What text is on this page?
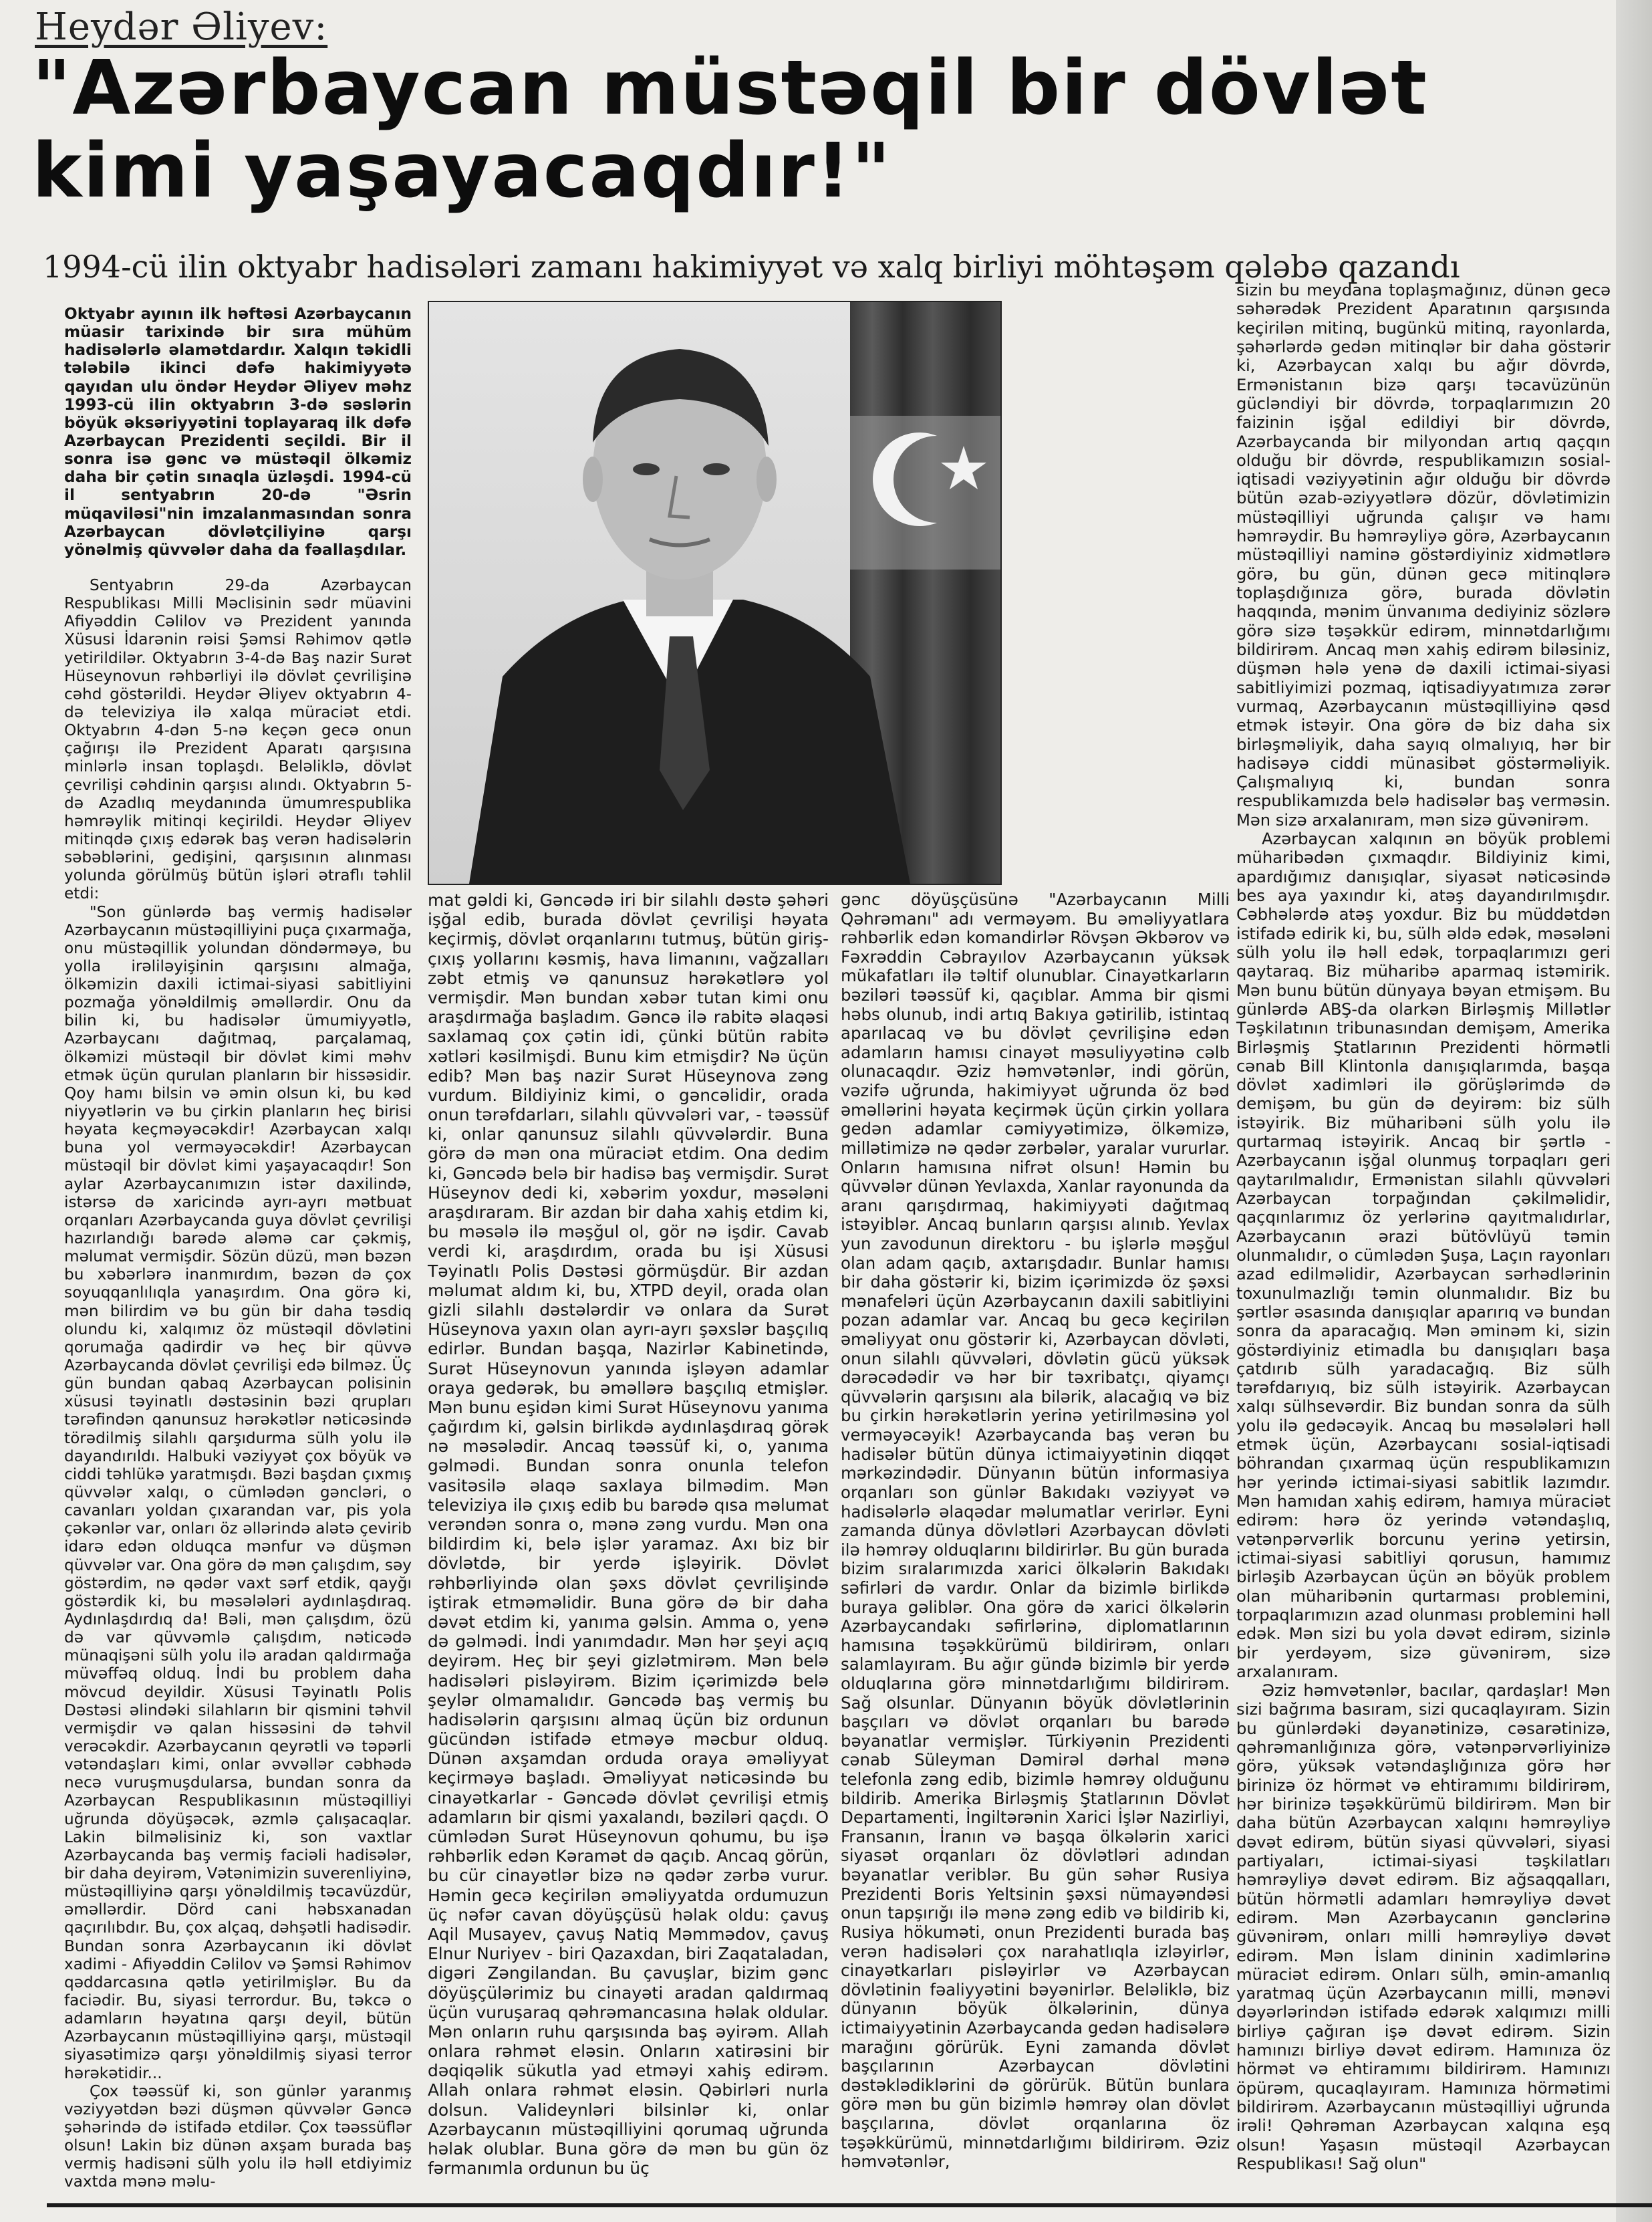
Heydər Əliyev:
"Azərbaycan müstəqil bir dövlət kimi yaşayacaqdır!"
1994-cü ilin oktyabr hadisələri zamanı hakimiyyət və xalq birliyi möhtəşəm qələbə qazandı

Oktyabr ayının ilk həftəsi Azərbaycanın müasir tarixində bir sıra mühüm hadisələrlə əlamətdardır. Xalqın təkidli tələbilə ikinci dəfə hakimiyyətə qayıdan ulu öndər Heydər Əliyev məhz 1993-cü ilin oktyabrın 3-də səslərin böyük əksəriyyətini toplayaraq ilk dəfə Azərbaycan Prezidenti seçildi. Bir il sonra isə gənc və müstəqil ölkəmiz daha bir çətin sınaqla üzləşdi. 1994-cü il sentyabrın 20-də "Əsrin müqaviləsi"nin imzalanmasından sonra Azərbaycan dövlətçiliyinə qarşı yönəlmiş qüvvələr daha da fəallaşdılar.

Sentyabrın 29-da Azərbaycan Respublikası Milli Məclisinin sədr müavini Afiyəddin Cəlilov və Prezident yanında Xüsusi İdarənin rəisi Şəmsi Rəhimov qətlə yetirildilər. Oktyabrın 3-4-də Baş nazir Surət Hüseynovun rəhbərliyi ilə dövlət çevrilişinə cəhd göstərildi. Heydər Əliyev oktyabrın 4-də televiziya ilə xalqa müraciət etdi. Oktyabrın 4-dən 5-nə keçən gecə onun çağırışı ilə Prezident Aparatı qarşısına minlərlə insan toplaşdı. Beləliklə, dövlət çevrilişi cəhdinin qarşısı alındı. Oktyabrın 5-də Azadlıq meydanında ümumrespublika həmrəylik mitinqi keçirildi. Heydər Əliyev mitinqdə çıxış edərək baş verən hadisələrin səbəblərini, gedişini, qarşısının alınması yolunda görülmüş bütün işləri ətraflı təhlil etdi:

"Son günlərdə baş vermiş hadisələr Azərbaycanın müstəqilliyini puça çıxarmağa, onu müstəqillik yolundan döndərməyə, bu yolla irəliləyişinin qarşısını almağa, ölkəmizin daxili ictimai-siyasi sabitliyini pozmağa yönəldilmiş əməllərdir. Onu da bilin ki, bu hadisələr ümumiyyətlə, Azərbaycanı dağıtmaq, parçalamaq, ölkəmizi müstəqil bir dövlət kimi məhv etmək üçün qurulan planların bir hissəsidir. Qoy hamı bilsin və əmin olsun ki, bu kəd niyyətlərin və bu çirkin planların heç birisi həyata keçməyəcəkdir! Azərbaycan xalqı buna yol verməyəcəkdir! Azərbaycan müstəqil bir dövlət kimi yaşayacaqdır! Son aylar Azərbaycanımızın istər daxilində, istərsə də xaricində ayrı-ayrı mətbuat orqanları Azərbaycanda guya dövlət çevrilişi hazırlandığı barədə aləmə car çəkmiş, məlumat vermişdir. Sözün düzü, mən bəzən bu xəbərlərə inanmırdım, bəzən də çox soyuqqanlılıqla yanaşırdım. Ona görə ki, mən bilirdim və bu gün bir daha təsdiq olundu ki, xalqımız öz müstəqil dövlətini qorumağa qadirdir və heç bir qüvvə Azərbaycanda dövlət çevrilişi edə bilməz. Üç gün bundan qabaq Azərbaycan polisinin xüsusi təyinatlı dəstəsinin bəzi qrupları tərəfindən qanunsuz hərəkətlər nəticəsində törədilmiş silahlı qarşıdurma sülh yolu ilə dayandırıldı. Halbuki vəziyyət çox böyük və ciddi təhlükə yaratmışdı. Bəzi başdan çıxmış qüvvələr xalqı, o cümlədən gəncləri, o cavanları yoldan çıxarandan var, pis yola çəkənlər var, onları öz əllərində alətə çevirib idarə edən olduqca mənfur və düşmən qüvvələr var. Ona görə də mən çalışdım, səy göstərdim, nə qədər vaxt sərf etdik, qayğı göstərdik ki, bu məsələləri aydınlaşdıraq. Aydınlaşdırdıq da! Bəli, mən çalışdım, özü də var qüvvəmlə çalışdım, nəticədə münaqişəni sülh yolu ilə aradan qaldırmağa müvəffəq olduq. İndi bu problem daha mövcud deyildir. Xüsusi Təyinatlı Polis Dəstəsi əlindəki silahların bir qismini təhvil vermişdir və qalan hissəsini də təhvil verəcəkdir. Azərbaycanın qeyrətli və təpərli vətəndaşları kimi, onlar əvvəllər cəbhədə necə vuruşmuşdularsa, bundan sonra da Azərbaycan Respublikasının müstəqilliyi uğrunda döyüşəcək, əzmlə çalışacaqlar. Lakin bilməlisiniz ki, son vaxtlar Azərbaycanda baş vermiş faciəli hadisələr, bir daha deyirəm, Vətənimizin suverenliyinə, müstəqilliyinə qarşı yönəldilmiş təcavüzdür, əməllərdir. Dörd cani həbsxanadan qaçırılıbdır. Bu, çox alçaq, dəhşətli hadisədir. Bundan sonra Azərbaycanın iki dövlət xadimi - Afiyəddin Cəlilov və Şəmsi Rəhimov qəddarcasına qətlə yetirilmişlər. Bu da faciədir. Bu, siyasi terrordur. Bu, təkcə o adamların həyatına qarşı deyil, bütün Azərbaycanın müstəqilliyinə qarşı, müstəqil siyasətimizə qarşı yönəldilmiş siyasi terror hərəkətidir...

Çox təəssüf ki, son günlər yaranmış vəziyyətdən bəzi düşmən qüvvələr Gəncə şəhərində də istifadə etdilər. Çox təəssüflər olsun! Lakin biz dünən axşam burada baş vermiş hadisəni sülh yolu ilə həll etdiyimiz vaxtda mənə məlu-

mat gəldi ki, Gəncədə iri bir silahlı dəstə şəhəri işğal edib, burada dövlət çevrilişi həyata keçirmiş, dövlət orqanlarını tutmuş, bütün giriş-çıxış yollarını kəsmiş, hava limanını, vağzalları zəbt etmiş və qanunsuz hərəkətlərə yol vermişdir. Mən bundan xəbər tutan kimi onu araşdırmağa başladım. Gəncə ilə rabitə əlaqəsi saxlamaq çox çətin idi, çünki bütün rabitə xətləri kəsilmişdi. Bunu kim etmişdir? Nə üçün edib? Mən baş nazir Surət Hüseynova zəng vurdum. Bildiyiniz kimi, o gəncəlidir, orada onun tərəfdarları, silahlı qüvvələri var, - təəssüf ki, onlar qanunsuz silahlı qüvvələrdir. Buna görə də mən ona müraciət etdim. Ona dedim ki, Gəncədə belə bir hadisə baş vermişdir. Surət Hüseynov dedi ki, xəbərim yoxdur, məsələni araşdıraram. Bir azdan bir daha xahiş etdim ki, bu məsələ ilə məşğul ol, gör nə işdir. Cavab verdi ki, araşdırdım, orada bu işi Xüsusi Təyinatlı Polis Dəstəsi görmüşdür. Bir azdan məlumat aldım ki, bu, XTPD deyil, orada olan gizli silahlı dəstələrdir və onlara da Surət Hüseynova yaxın olan ayrı-ayrı şəxslər başçılıq edirlər. Bundan başqa, Nazirlər Kabinetində, Surət Hüseynovun yanında işləyən adamlar oraya gedərək, bu əməllərə başçılıq etmişlər. Mən bunu eşidən kimi Surət Hüseynovu yanıma çağırdım ki, gəlsin birlikdə aydınlaşdıraq görək nə məsələdir. Ancaq təəssüf ki, o, yanıma gəlmədi. Bundan sonra onunla telefon vasitəsilə əlaqə saxlaya bilmədim. Mən televiziya ilə çıxış edib bu barədə qısa məlumat verəndən sonra o, mənə zəng vurdu. Mən ona bildirdim ki, belə işlər yaramaz. Axı biz bir dövlətdə, bir yerdə işləyirik. Dövlət rəhbərliyində olan şəxs dövlət çevrilişində iştirak etməməlidir. Buna görə də bir daha dəvət etdim ki, yanıma gəlsin. Amma o, yenə də gəlmədi. İndi yanımdadır. Mən hər şeyi açıq deyirəm. Heç bir şeyi gizlətmirəm. Mən belə hadisələri pisləyirəm. Bizim içərimizdə belə şeylər olmamalıdır. Gəncədə baş vermiş bu hadisələrin qarşısını almaq üçün biz ordunun gücündən istifadə etməyə məcbur olduq. Dünən axşamdan orduda oraya əməliyyat keçirməyə başladı. Əməliyyat nəticəsində bu cinayətkarlar - Gəncədə dövlət çevrilişi etmiş adamların bir qismi yaxalandı, bəziləri qaçdı. O cümlədən Surət Hüseynovun qohumu, bu işə rəhbərlik edən Kəramət də qaçıb. Ancaq görün, bu cür cinayətlər bizə nə qədər zərbə vurur. Həmin gecə keçirilən əməliyyatda ordumuzun üç nəfər cavan döyüşçüsü həlak oldu: çavuş Aqil Musayev, çavuş Natiq Məmmədov, çavuş Elnur Nuriyev - biri Qazaxdan, biri Zaqataladan, digəri Zəngilandan. Bu çavuşlar, bizim gənc döyüşçülərimiz bu cinayəti aradan qaldırmaq üçün vuruşaraq qəhrəmancasına həlak oldular. Mən onların ruhu qarşısında baş əyirəm. Allah onlara rəhmət eləsin. Onların xatirəsini bir dəqiqəlik sükutla yad etməyi xahiş edirəm. Allah onlara rəhmət eləsin. Qəbirləri nurla dolsun. Valideynləri bilsinlər ki, onlar Azərbaycanın müstəqilliyini qorumaq uğrunda həlak olublar. Buna görə də mən bu gün öz fərmanımla ordunun bu üç

gənc döyüşçüsünə "Azərbaycanın Milli Qəhrəmanı" adı verməyəm. Bu əməliyyatlara rəhbərlik edən komandirlər Rövşən Əkbərov və Fəxrəddin Cəbrayılov Azərbaycanın yüksək mükafatları ilə təltif olunublar. Cinayətkarların bəziləri təəssüf ki, qaçıblar. Amma bir qismi həbs olunub, indi artıq Bakıya gətirilib, istintaq aparılacaq və bu dövlət çevrilişinə edən adamların hamısı cinayət məsuliyyətinə cəlb olunacaqdır. Əziz həmvətənlər, indi görün, vəzifə uğrunda, hakimiyyət uğrunda öz bəd əməllərini həyata keçirmək üçün çirkin yollara gedən adamlar cəmiyyətimizə, ölkəmizə, millətimizə nə qədər zərbələr, yaralar vururlar. Onların hamısına nifrət olsun! Həmin bu qüvvələr dünən Yevlaxda, Xanlar rayonunda da aranı qarışdırmaq, hakimiyyəti dağıtmaq istəyiblər. Ancaq bunların qarşısı alınıb. Yevlax yun zavodunun direktoru - bu işlərlə məşğul olan adam qaçıb, axtarışdadır. Bunlar hamısı bir daha göstərir ki, bizim içərimizdə öz şəxsi mənafeləri üçün Azərbaycanın daxili sabitliyini pozan adamlar var. Ancaq bu gecə keçirilən əməliyyat onu göstərir ki, Azərbaycan dövləti, onun silahlı qüvvələri, dövlətin gücü yüksək dərəcədədir və hər bir təxribatçı, qiyamçı qüvvələrin qarşısını ala bilərik, alacağıq və biz bu çirkin hərəkətlərin yerinə yetirilməsinə yol verməyəcəyik! Azərbaycanda baş verən bu hadisələr bütün dünya ictimaiyyətinin diqqət mərkəzindədir. Dünyanın bütün informasiya orqanları son günlər Bakıdakı vəziyyət və hadisələrlə əlaqədar məlumatlar verirlər. Eyni zamanda dünya dövlətləri Azərbaycan dövləti ilə həmrəy olduqlarını bildirirlər. Bu gün burada bizim sıralarımızda xarici ölkələrin Bakıdakı səfirləri də vardır. Onlar da bizimlə birlikdə buraya gəliblər. Ona görə də xarici ölkələrin Azərbaycandakı səfirlərinə, diplomatlarının hamısına təşəkkürümü bildirirəm, onları salamlayıram. Bu ağır gündə bizimlə bir yerdə olduqlarına görə minnətdarlığımı bildirirəm. Sağ olsunlar. Dünyanın böyük dövlətlərinin başçıları və dövlət orqanları bu barədə bəyanatlar vermişlər. Türkiyənin Prezidenti cənab Süleyman Dəmirəl dərhal mənə telefonla zəng edib, bizimlə həmrəy olduğunu bildirib. Amerika Birləşmiş Ştatlarının Dövlət Departamenti, İngiltərənin Xarici İşlər Nazirliyi, Fransanın, İranın və başqa ölkələrin xarici siyasət orqanları öz dövlətləri adından bəyanatlar veriblər. Bu gün səhər Rusiya Prezidenti Boris Yeltsinin şəxsi nümayəndəsi onun tapşırığı ilə mənə zəng edib və bildirib ki, Rusiya hökuməti, onun Prezidenti burada baş verən hadisələri çox narahatlıqla izləyirlər, cinayətkarları pisləyirlər və Azərbaycan dövlətinin fəaliyyətini bəyənirlər. Beləliklə, biz dünyanın böyük ölkələrinin, dünya ictimaiyyətinin Azərbaycanda gedən hadisələrə marağını görürük. Eyni zamanda dövlət başçılarının Azərbaycan dövlətini dəstəklədiklərini də görürük. Bütün bunlara görə mən bu gün bizimlə həmrəy olan dövlət başçılarına, dövlət orqanlarına öz təşəkkürümü, minnətdarlığımı bildirirəm. Əziz həmvətənlər,

sizin bu meydana toplaşmağınız, dünən gecə səhərədək Prezident Aparatının qarşısında keçirilən mitinq, bugünkü mitinq, rayonlarda, şəhərlərdə gedən mitinqlər bir daha göstərir ki, Azərbaycan xalqı bu ağır dövrdə, Ermənistanın bizə qarşı təcavüzünün gücləndiyi bir dövrdə, torpaqlarımızın 20 faizinin işğal edildiyi bir dövrdə, Azərbaycanda bir milyondan artıq qaçqın olduğu bir dövrdə, respublikamızın sosial-iqtisadi vəziyyətinin ağır olduğu bir dövrdə bütün əzab-əziyyətlərə dözür, dövlətimizin müstəqilliyi uğrunda çalışır və hamı həmrəydir. Bu həmrəyliyə görə, Azərbaycanın müstəqilliyi naminə göstərdiyiniz xidmətlərə görə, bu gün, dünən gecə mitinqlərə toplaşdığınıza görə, burada dövlətin haqqında, mənim ünvanıma dediyiniz sözlərə görə sizə təşəkkür edirəm, minnətdarlığımı bildirirəm. Ancaq mən xahiş edirəm biləsiniz, düşmən hələ yenə də daxili ictimai-siyasi sabitliyimizi pozmaq, iqtisadiyyatımıza zərər vurmaq, Azərbaycanın müstəqilliyinə qəsd etmək istəyir. Ona görə də biz daha six birləşməliyik, daha sayıq olmalıyıq, hər bir hadisəyə ciddi münasibət göstərməliyik. Çalışmalıyıq ki, bundan sonra respublikamızda belə hadisələr baş verməsin. Mən sizə arxalanıram, mən sizə güvənirəm.

Azərbaycan xalqının ən böyük problemi müharibədən çıxmaqdır. Bildiyiniz kimi, apardığımız danışıqlar, siyasət nəticəsində bes aya yaxındır ki, atəş dayandırılmışdır. Cəbhələrdə atəş yoxdur. Biz bu müddətdən istifadə edirik ki, bu, sülh əldə edək, məsələni sülh yolu ilə həll edək, torpaqlarımızı geri qaytaraq. Biz müharibə aparmaq istəmirik. Mən bunu bütün dünyaya bəyan etmişəm. Bu günlərdə ABŞ-da olarkən Birləşmiş Millətlər Təşkilatının tribunasından demişəm, Amerika Birləşmiş Ştatlarının Prezidenti hörmətli cənab Bill Klintonla danışıqlarımda, başqa dövlət xadimləri ilə görüşlərimdə də demişəm, bu gün də deyirəm: biz sülh istəyirik. Biz müharibəni sülh yolu ilə qurtarmaq istəyirik. Ancaq bir şərtlə - Azərbaycanın işğal olunmuş torpaqları geri qaytarılmalıdır, Ermənistan silahlı qüvvələri Azərbaycan torpağından çəkilməlidir, qaçqınlarımız öz yerlərinə qayıtmalıdırlar, Azərbaycanın ərazi bütövlüyü təmin olunmalıdır, o cümlədən Şuşa, Laçın rayonları azad edilməlidir, Azərbaycan sərhədlərinin toxunulmazlığı təmin olunmalıdır. Biz bu şərtlər əsasında danışıqlar aparırıq və bundan sonra da aparacağıq. Mən əminəm ki, sizin göstərdiyiniz etimadla bu danışıqları başa çatdırıb sülh yaradacağıq. Biz sülh tərəfdarıyıq, biz sülh istəyirik. Azərbaycan xalqı sülhsevərdir. Biz bundan sonra da sülh yolu ilə gedəcəyik. Ancaq bu məsələləri həll etmək üçün, Azərbaycanı sosial-iqtisadi böhrandan çıxarmaq üçün respublikamızın hər yerində ictimai-siyasi sabitlik lazımdır. Mən hamıdan xahiş edirəm, hamıya müraciət edirəm: hərə öz yerində vətəndaşlıq, vətənpərvərlik borcunu yerinə yetirsin, ictimai-siyasi sabitliyi qorusun, hamımız birləşib Azərbaycan üçün ən böyük problem olan müharibənin qurtarması problemini, torpaqlarımızın azad olunması problemini həll edək. Mən sizi bu yola dəvət edirəm, sizinlə bir yerdəyəm, sizə güvənirəm, sizə arxalanıram.

Əziz həmvətənlər, bacılar, qardaşlar! Mən sizi bağrıma basıram, sizi qucaqlayıram. Sizin bu günlərdəki dəyanətinizə, cəsarətinizə, qəhrəmanlığınıza görə, vətənpərvərliyinizə görə, yüksək vətəndaşlığınıza görə hər birinizə öz hörmət və ehtiramımı bildirirəm, hər birinizə təşəkkürümü bildirirəm. Mən bir daha bütün Azərbaycan xalqını həmrəyliyə dəvət edirəm, bütün siyasi qüvvələri, siyasi partiyaları, ictimai-siyasi təşkilatları həmrəyliyə dəvət edirəm. Biz ağsaqqalları, bütün hörmətli adamları həmrəyliyə dəvət edirəm. Mən Azərbaycanın gənclərinə güvənirəm, onları milli həmrəyliyə dəvət edirəm. Mən İslam dininin xadimlərinə müraciət edirəm. Onları sülh, əmin-amanlıq yaratmaq üçün Azərbaycanın milli, mənəvi dəyərlərindən istifadə edərək xalqımızı milli birliyə çağıran işə dəvət edirəm. Sizin hamınızı birliyə dəvət edirəm. Hamınıza öz hörmət və ehtiramımı bildirirəm. Hamınızı öpürəm, qucaqlayıram. Hamınıza hörmətimi bildirirəm. Azərbaycanın müstəqilliyi uğrunda irəli! Qəhrəman Azərbaycan xalqına eşq olsun! Yaşasın müstəqil Azərbaycan Respublikası! Sağ olun"
